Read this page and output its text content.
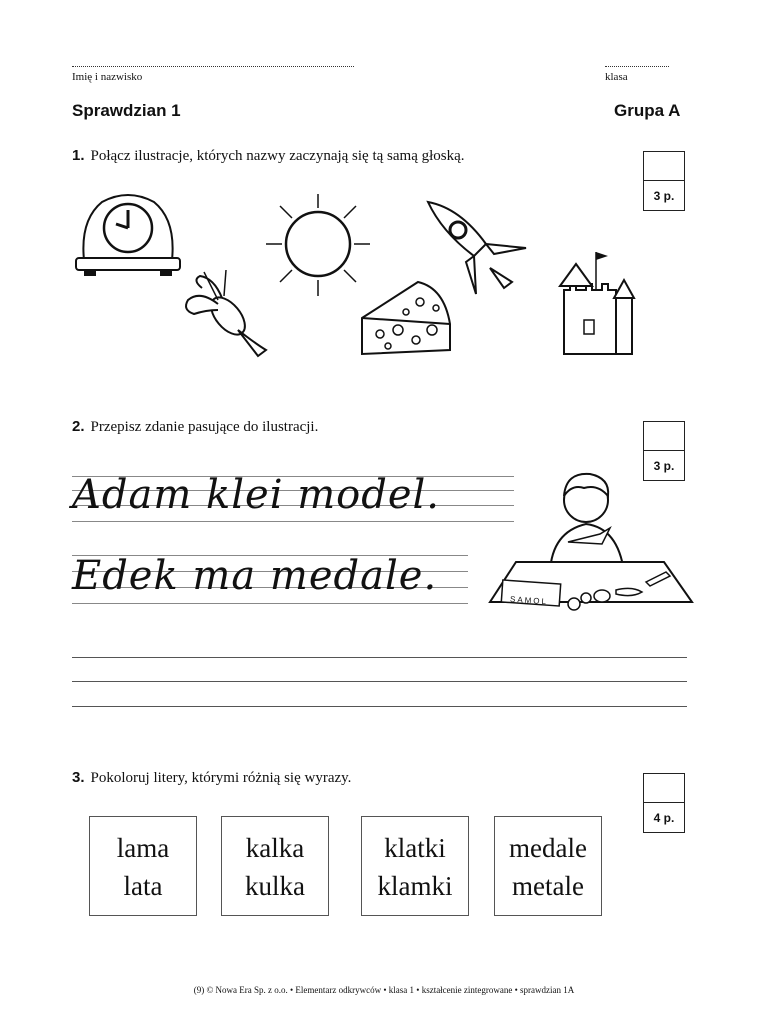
Imię i nazwisko	klasa
Sprawdzian 1	Grupa A
1. Połącz ilustracje, których nazwy zaczynają się tą samą głoską.
3 p.
2. Przepisz zdanie pasujące do ilustracji.
3 p.
Adam klei model.
Edek ma medale.
SAMOL
3. Pokoloruj litery, którymi różnią się wyrazy.
4 p.
lama
lata
kalka
kulka
klatki
klamki
medale
metale
(9) © Nowa Era Sp. z o.o. • Elementarz odkrywców • klasa 1 • kształcenie zintegrowane • sprawdzian 1A
